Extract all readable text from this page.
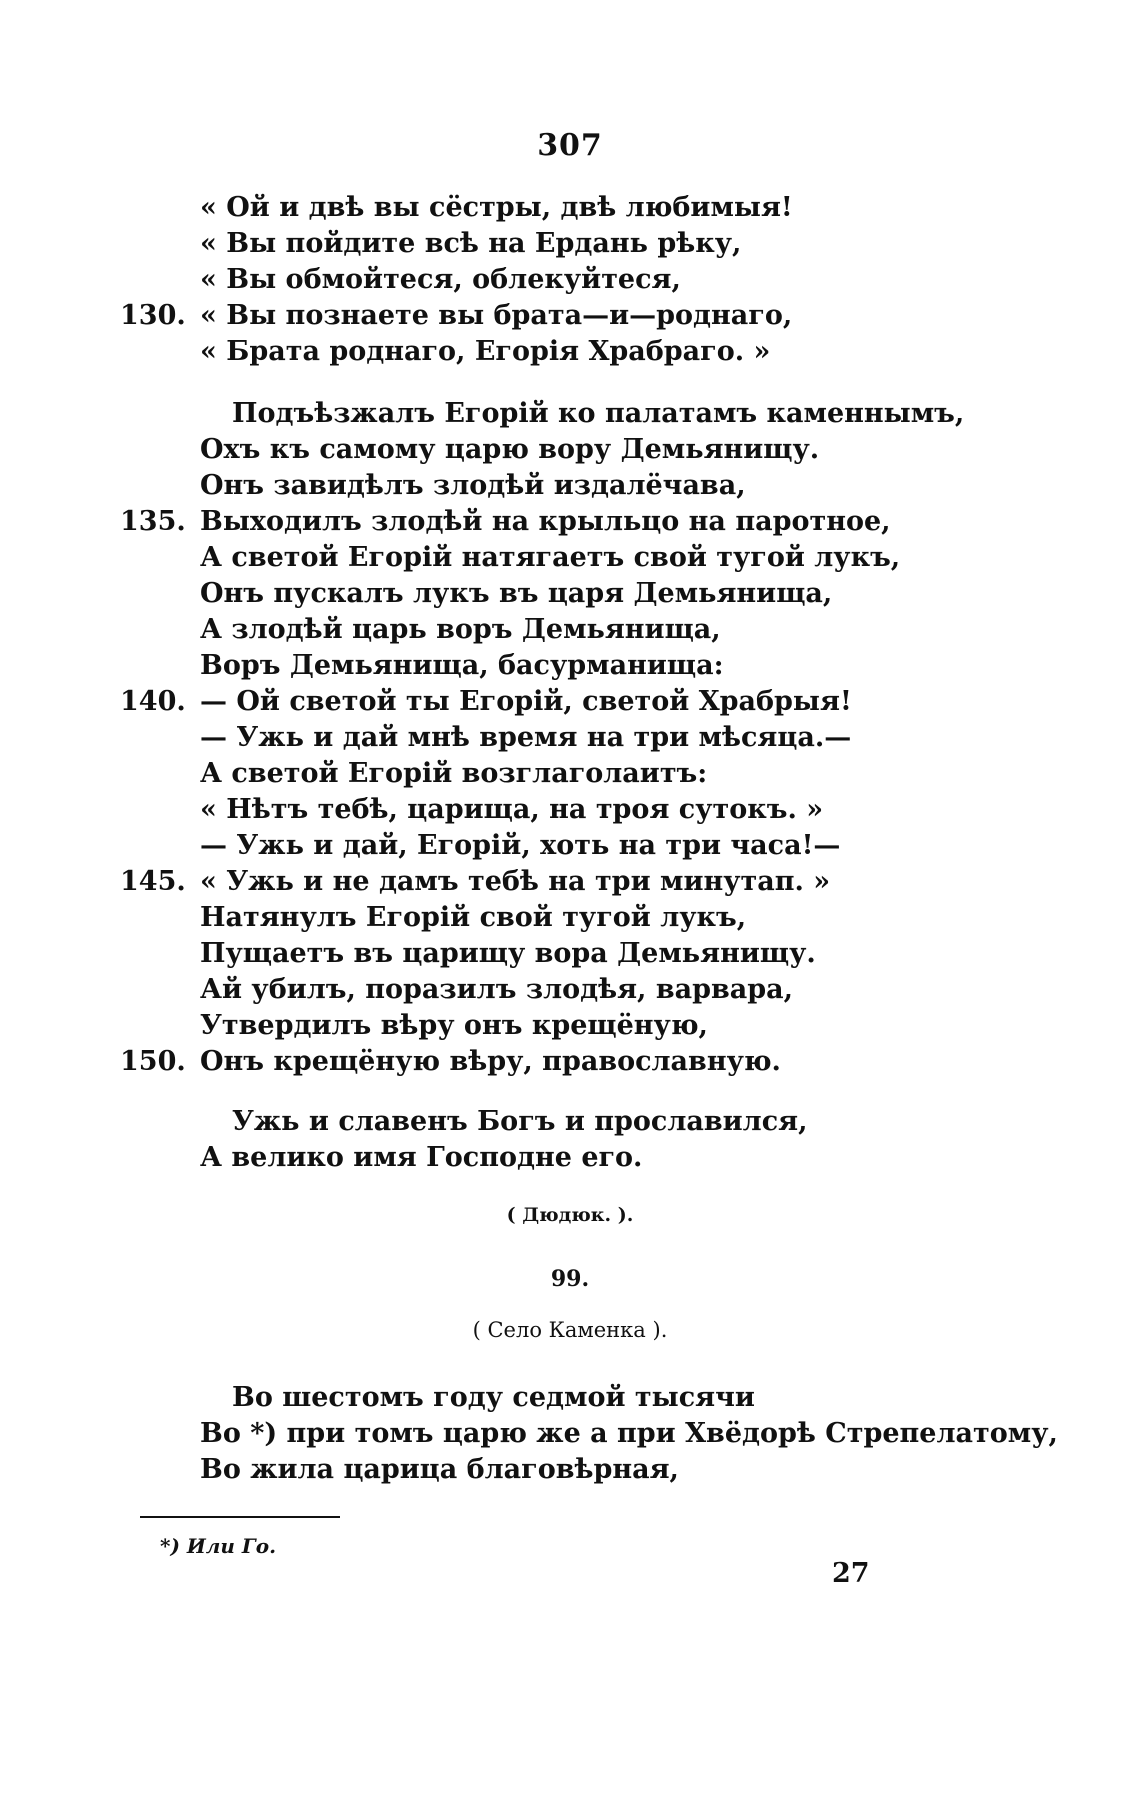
307
« Ой и двѣ вы сёстры, двѣ любимыя!
« Вы пойдите всѣ на Ердань рѣку,
« Вы обмойтеся, облекуйтеся,
130. « Вы познаете вы брата—и—роднаго,
« Брата роднаго, Егорія Храбраго. »
Подъѣзжалъ Егорій ко палатамъ каменнымъ,
Охъ къ самому царю вору Демьянищу.
Онъ завидѣлъ злодѣй издалёчава,
135. Выходилъ злодѣй на крыльцо на паротное,
А светой Егорій натягаетъ свой тугой лукъ,
Онъ пускалъ лукъ въ царя Демьянища,
А злодѣй царь воръ Демьянища,
Воръ Демьянища, басурманища:
140. — Ой светой ты Егорій, светой Храбрыя!
— Ужь и дай мнѣ время на три мѣсяца.—
А светой Егорій возглаголаитъ:
« Нѣтъ тебѣ, царища, на троя сутокъ. »
— Ужь и дай, Егорій, хоть на три часа!—
145. « Ужь и не дамъ тебѣ на три минутап. »
Натянулъ Егорій свой тугой лукъ,
Пущаетъ въ царищу вора Демьянищу.
Ай убилъ, поразилъ злодѣя, варвара,
Утвердилъ вѣру онъ крещёную,
150. Онъ крещёную вѣру, православную.
Ужь и славенъ Богъ и прославился,
А велико имя Господне его.
( Дюдюк. ).
99.
( Село Каменка ).
Во шестомъ году седмой тысячи
Во *) при томъ царю же а при Хвёдорѣ Стрепелатому,
Во жила царица благовѣрная,
*) Или Го.
27
